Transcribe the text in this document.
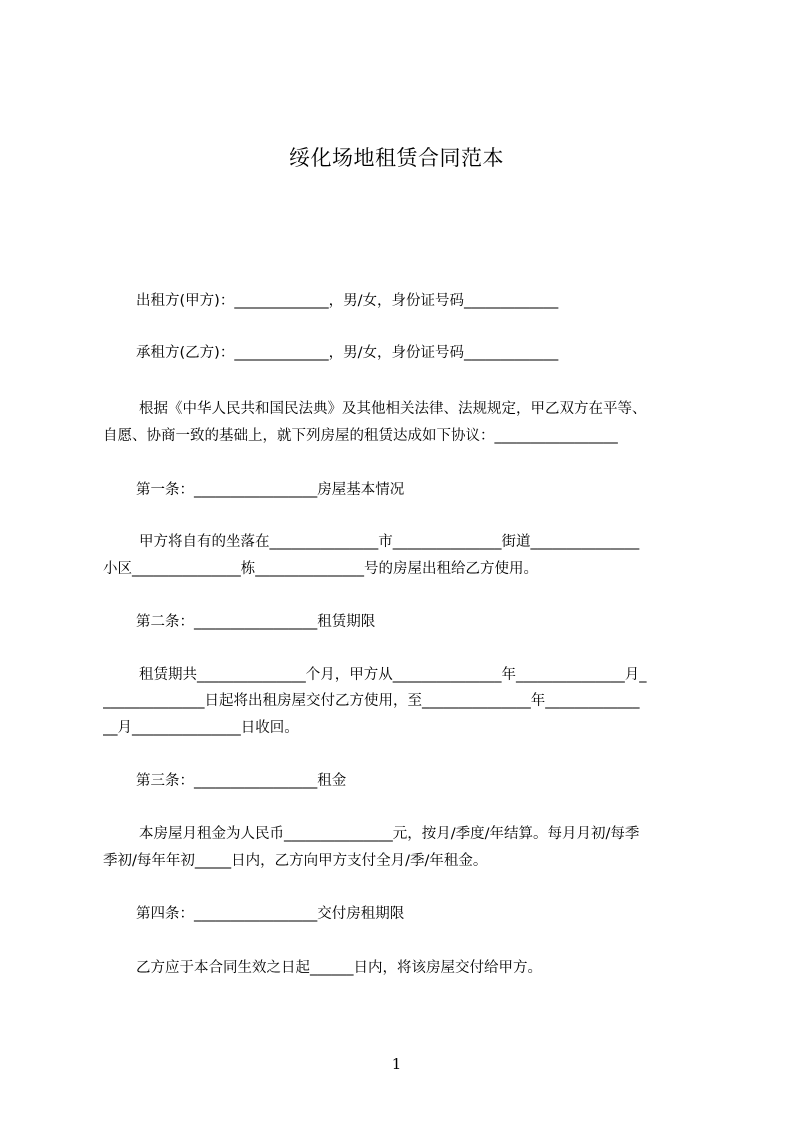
绥化场地租赁合同范本
出租方(甲方)：_____________，男/女，身份证号码_____________
承租方(乙方)：_____________，男/女，身份证号码_____________
根据《中华人民共和国民法典》及其他相关法律、法规规定，甲乙双方在平等、
自愿、协商一致的基础上，就下列房屋的租赁达成如下协议：_________________
第一条：_________________房屋基本情况
甲方将自有的坐落在_______________市_______________街道_______________
小区_______________栋_______________号的房屋出租给乙方使用。
第二条：_________________租赁期限
租赁期共_______________个月，甲方从_______________年_______________月_
______________日起将出租房屋交付乙方使用，至_______________年_____________
__月_______________日收回。
第三条：_________________租金
本房屋月租金为人民币_______________元，按月/季度/年结算。每月月初/每季
季初/每年年初_____日内，乙方向甲方支付全月/季/年租金。
第四条：_________________交付房租期限
乙方应于本合同生效之日起______日内，将该房屋交付给甲方。
1
